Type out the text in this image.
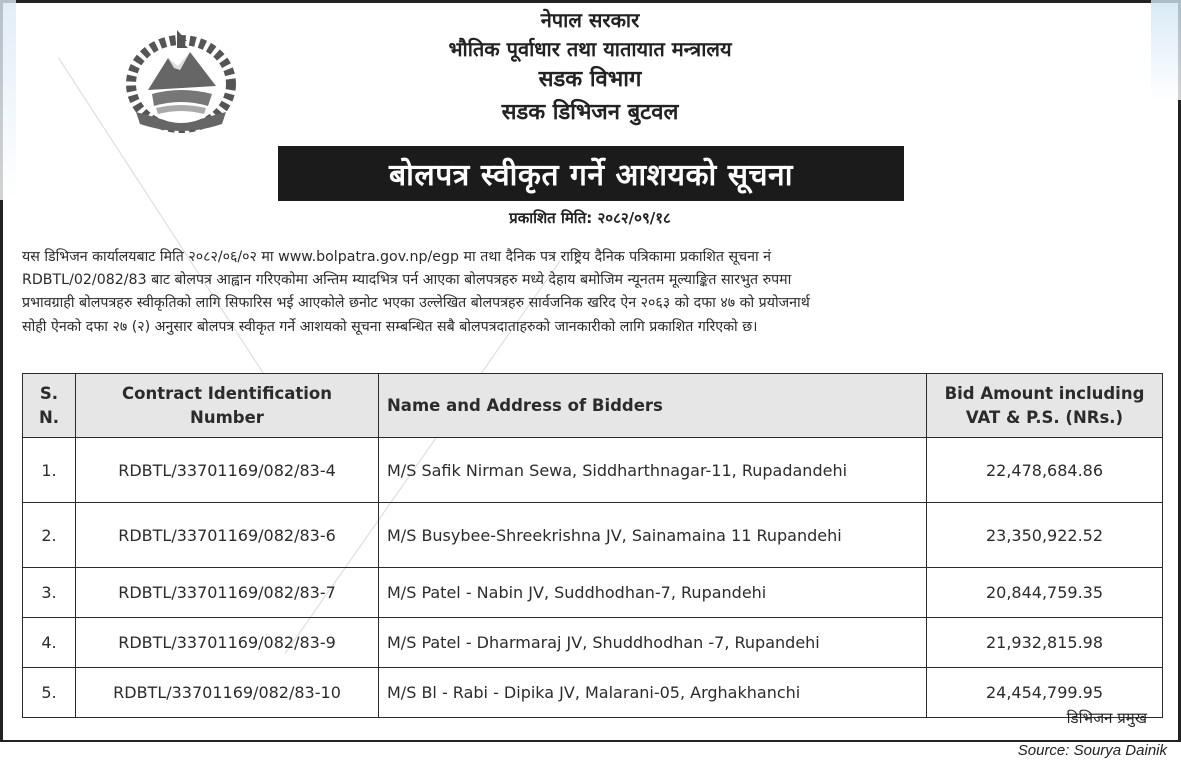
नेपाल सरकार
भौतिक पूर्वाधार तथा यातायात मन्त्रालय
सडक विभाग
सडक डिभिजन बुटवल
बोलपत्र स्वीकृत गर्ने आशयको सूचना
प्रकाशित मिति: २०८२/०९/१८
यस डिभिजन कार्यालयबाट मिति २०८२/०६/०२ मा www.bolpatra.gov.np/egp मा तथा दैनिक पत्र राष्ट्रिय दैनिक पत्रिकामा प्रकाशित सूचना नं
RDBTL/02/082/83 बाट बोलपत्र आह्वान गरिएकोमा अन्तिम म्यादभित्र पर्न आएका बोलपत्रहरु मध्ये देहाय बमोजिम न्यूनतम मूल्याङ्कित सारभुत रुपमा
प्रभावग्राही बोलपत्रहरु स्वीकृतिको लागि सिफारिस भई आएकोले छनोट भएका उल्लेखित बोलपत्रहरु सार्वजनिक खरिद ऐन २०६३ को दफा ४७ को प्रयोजनार्थ
सोही ऐनको दफा २७ (२) अनुसार बोलपत्र स्वीकृत गर्ने आशयको सूचना सम्बन्धित सबै बोलपत्रदाताहरुको जानकारीको लागि प्रकाशित गरिएको छ।
S. N.	Contract Identification Number	Name and Address of Bidders	Bid Amount including VAT & P.S. (NRs.)
1.	RDBTL/33701169/082/83-4	M/S Safik Nirman Sewa, Siddharthnagar-11, Rupadandehi	22,478,684.86
2.	RDBTL/33701169/082/83-6	M/S Busybee-Shreekrishna JV, Sainamaina 11 Rupandehi	23,350,922.52
3.	RDBTL/33701169/082/83-7	M/S Patel - Nabin JV, Suddhodhan-7, Rupandehi	20,844,759.35
4.	RDBTL/33701169/082/83-9	M/S Patel - Dharmaraj JV, Shuddhodhan -7, Rupandehi	21,932,815.98
5.	RDBTL/33701169/082/83-10	M/S Bl - Rabi - Dipika JV, Malarani-05, Arghakhanchi	24,454,799.95
डिभिजन प्रमुख
Source: Sourya Dainik
